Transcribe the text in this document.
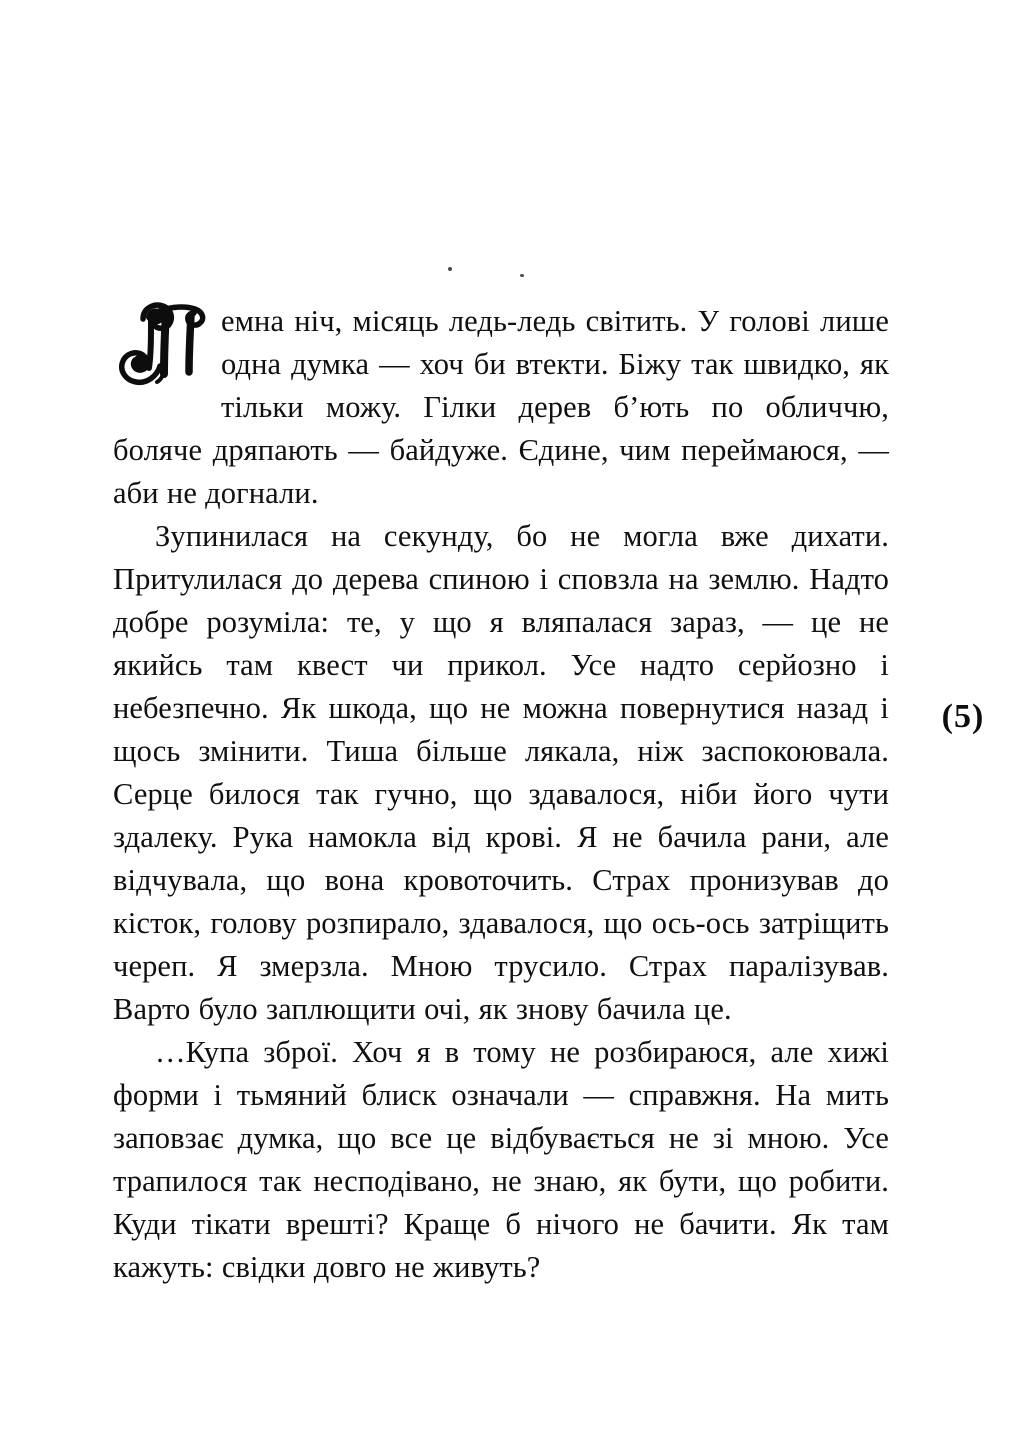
емна ніч, місяць ледь-ледь світить. У голові лише одна думка — хоч би втекти. Біжу так швидко, як тільки можу. Гілки дерев б’ють по обличчю, боляче дряпають — байдуже. Єдине, чим переймаюся, — аби не догнали.

Зупинилася на секунду, бо не могла вже дихати. Притулилася до дерева спиною і сповзла на землю. Надто добре розуміла: те, у що я вляпалася зараз, — це не якийсь там квест чи прикол. Усе надто серйозно і небезпечно. Як шкода, що не можна повернутися назад і щось змінити. Тиша більше лякала, ніж заспокоювала. Серце билося так гучно, що здавалося, ніби його чути здалеку. Рука намокла від крові. Я не бачила рани, але відчувала, що вона кровоточить. Страх пронизував до кісток, голову розпирало, здавалося, що ось-ось затріщить череп. Я змерзла. Мною трусило. Страх паралізував. Варто було заплющити очі, як знову бачила це.

…Купа зброї. Хоч я в тому не розбираюся, але хижі форми і тьмяний блиск означали — справжня. На мить заповзає думка, що все це відбувається не зі мною. Усе трапилося так несподівано, не знаю, як бути, що робити. Куди тікати врешті? Краще б нічого не бачити. Як там кажуть: свідки довго не живуть?

(5)
